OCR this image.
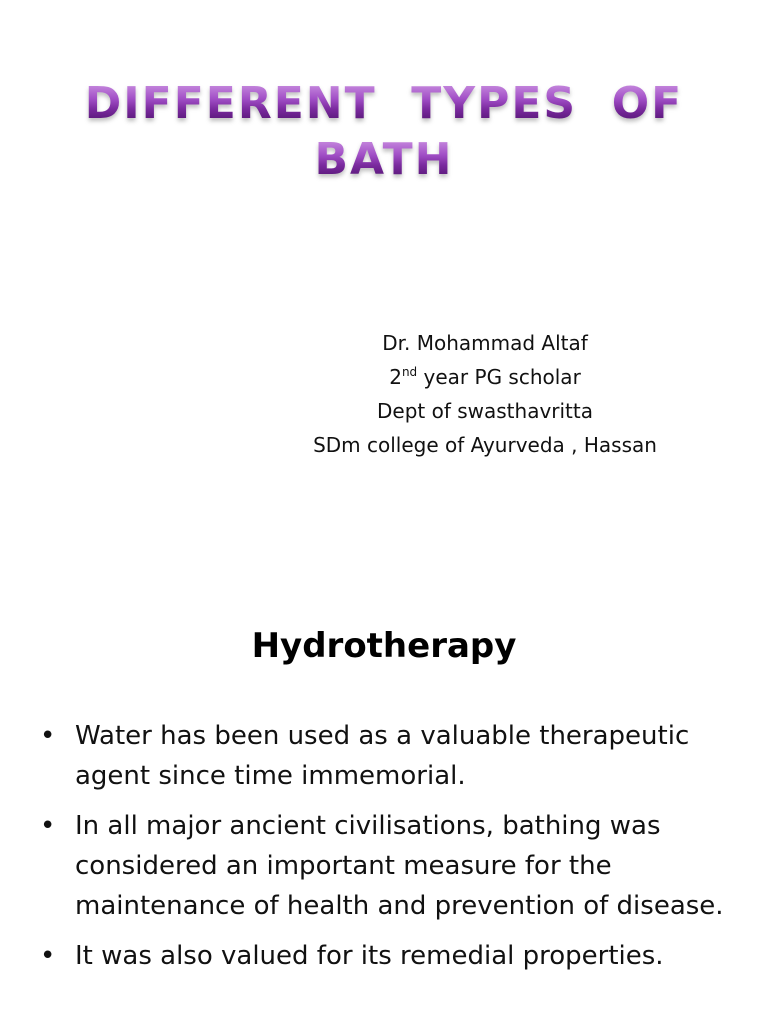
DIFFERENT  TYPES  OF
BATH
Dr. Mohammad Altaf
2nd year PG scholar
Dept of swasthavritta
SDm college of Ayurveda , Hassan
Hydrotherapy
• Water has been used as a valuable therapeutic agent since time immemorial.
• In all major ancient civilisations, bathing was considered an important measure for the maintenance of health and prevention of disease.
• It was also valued for its remedial properties.
